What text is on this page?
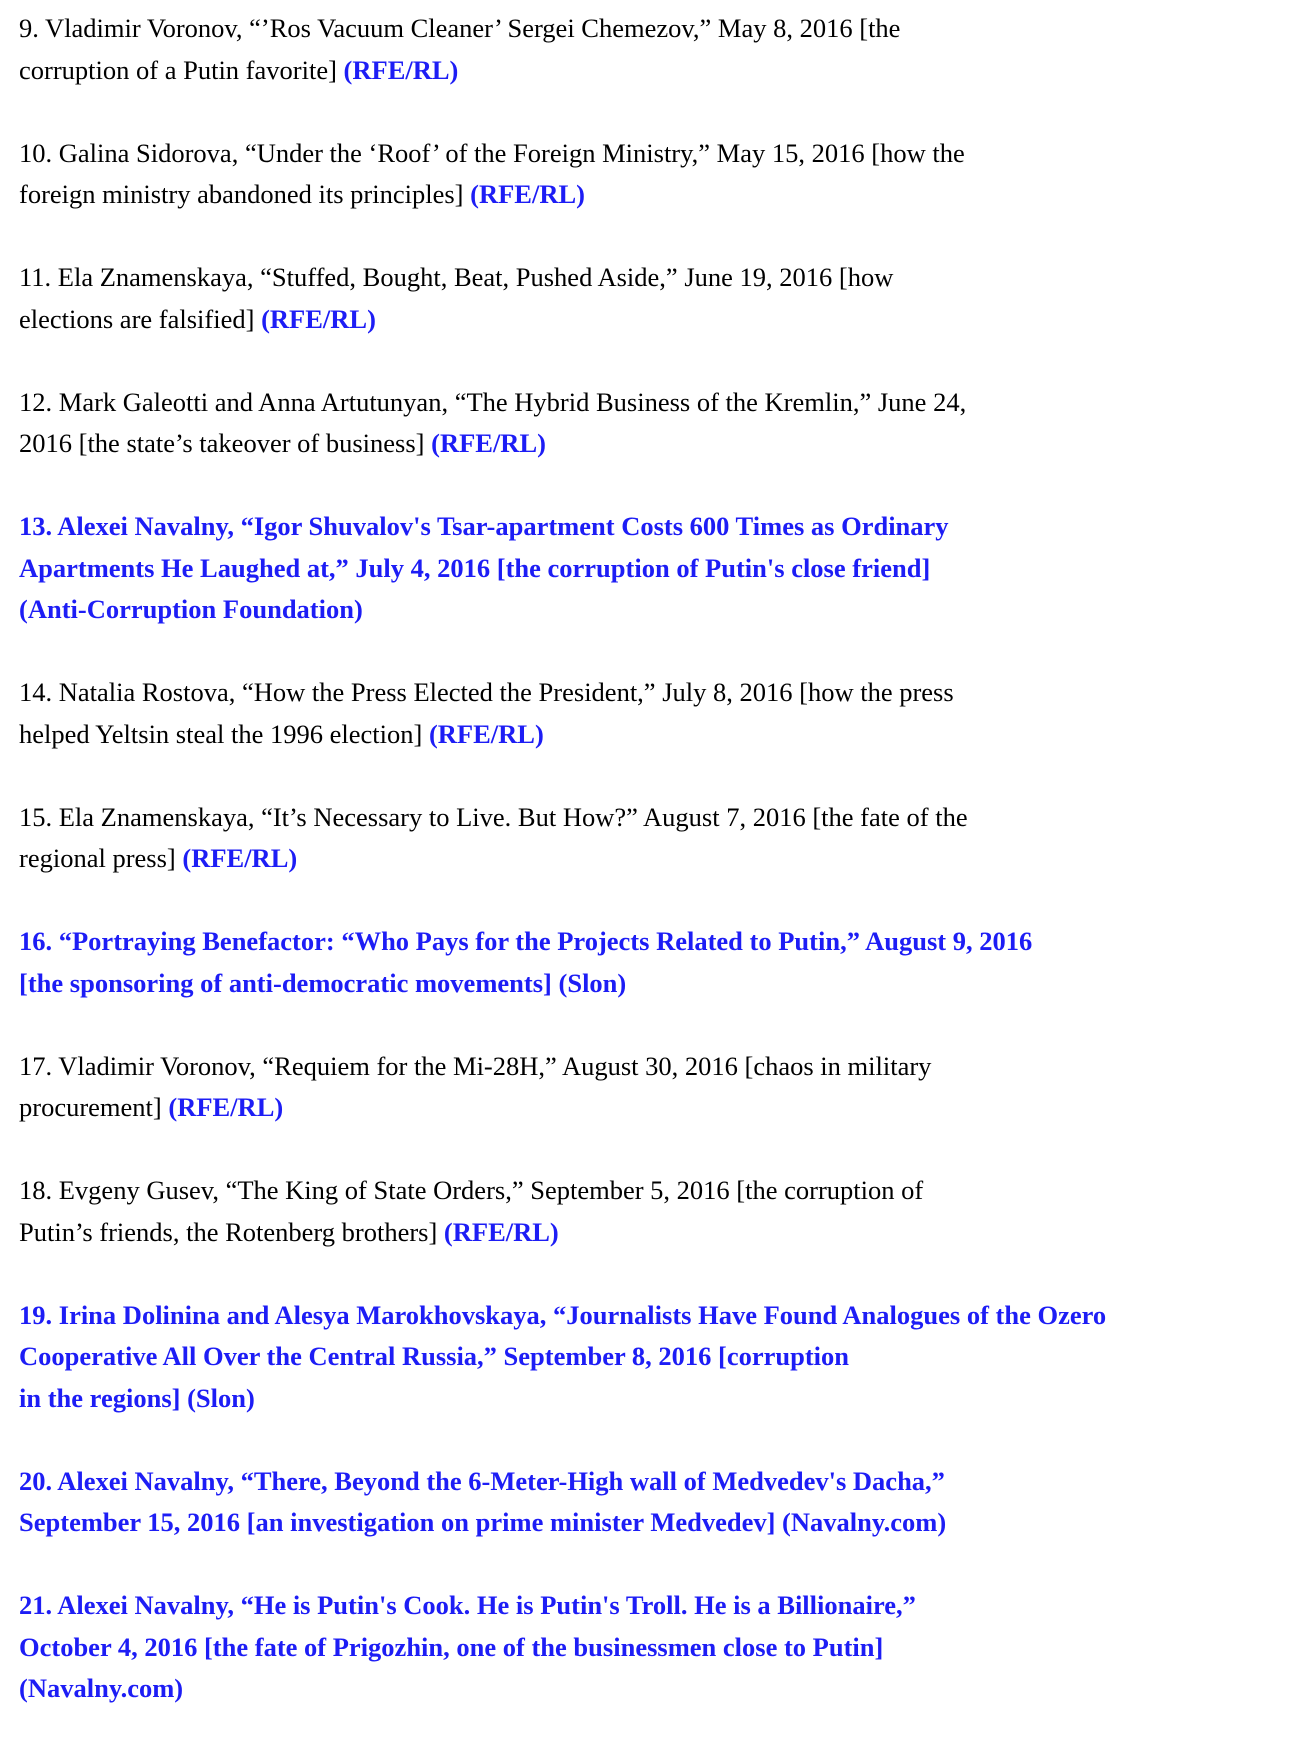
9. Vladimir Voronov, “’Ros Vacuum Cleaner’ Sergei Chemezov,” May 8, 2016 [the
corruption of a Putin favorite] (RFE/RL)
10. Galina Sidorova, “Under the ‘Roof’ of the Foreign Ministry,” May 15, 2016 [how the
foreign ministry abandoned its principles] (RFE/RL)
11. Ela Znamenskaya, “Stuffed, Bought, Beat, Pushed Aside,” June 19, 2016 [how
elections are falsified] (RFE/RL)
12. Mark Galeotti and Anna Artutunyan, “The Hybrid Business of the Kremlin,” June 24,
2016 [the state’s takeover of business] (RFE/RL)
13. Alexei Navalny, “Igor Shuvalov's Tsar-apartment Costs 600 Times as Ordinary
Apartments He Laughed at,” July 4, 2016 [the corruption of Putin's close friend]
(Anti-Corruption Foundation)
14. Natalia Rostova, “How the Press Elected the President,” July 8, 2016 [how the press
helped Yeltsin steal the 1996 election] (RFE/RL)
15. Ela Znamenskaya, “It’s Necessary to Live. But How?” August 7, 2016 [the fate of the
regional press] (RFE/RL)
16. “Portraying Benefactor: “Who Pays for the Projects Related to Putin,” August 9, 2016
[the sponsoring of anti-democratic movements] (Slon)
17. Vladimir Voronov, “Requiem for the Mi-28H,” August 30, 2016 [chaos in military
procurement] (RFE/RL)
18. Evgeny Gusev, “The King of State Orders,” September 5, 2016 [the corruption of
Putin’s friends, the Rotenberg brothers] (RFE/RL)
19. Irina Dolinina and Alesya Marokhovskaya, “Journalists Have Found Analogues of the Ozero
Cooperative All Over the Central Russia,” September 8, 2016 [corruption
in the regions] (Slon)
20. Alexei Navalny, “There, Beyond the 6-Meter-High wall of Medvedev's Dacha,”
September 15, 2016 [an investigation on prime minister Medvedev] (Navalny.com)
21. Alexei Navalny, “He is Putin's Cook. He is Putin's Troll. He is a Billionaire,”
October 4, 2016 [the fate of Prigozhin, one of the businessmen close to Putin]
(Navalny.com)
